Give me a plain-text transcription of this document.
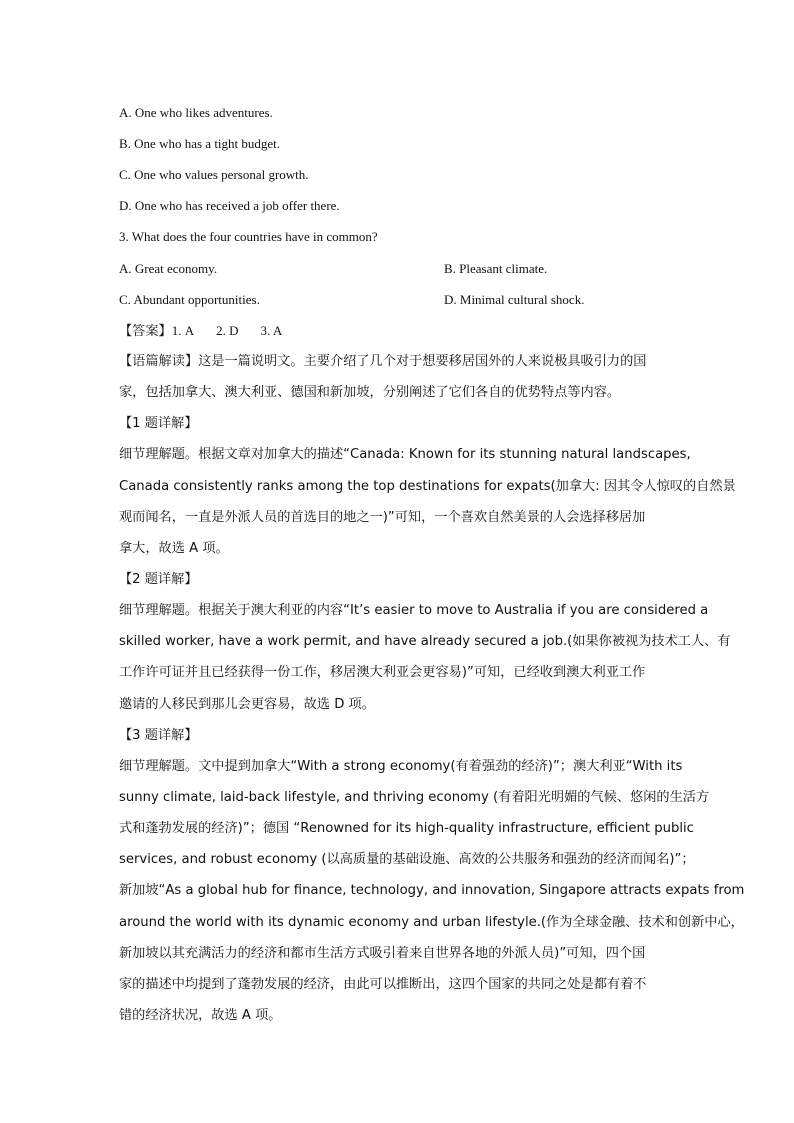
A. One who likes adventures.
B. One who has a tight budget.
C. One who values personal growth.
D. One who has received a job offer there.
3. What does the four countries have in common?
A. Great economy.	B. Pleasant climate.
C. Abundant opportunities.	D. Minimal cultural shock.
【答案】1. A 2. D 3. A
【语篇解读】这是一篇说明文。主要介绍了几个对于想要移居国外的人来说极具吸引力的国
家，包括加拿大、澳大利亚、德国和新加坡，分别阐述了它们各自的优势特点等内容。
【1 题详解】
细节理解题。根据文章对加拿大的描述“Canada: Known for its stunning natural landscapes,
Canada consistently ranks among the top destinations for expats(加拿大: 因其令人惊叹的自然景
观而闻名，一直是外派人员的首选目的地之一)”可知，一个喜欢自然美景的人会选择移居加
拿大，故选 A 项。
【2 题详解】
细节理解题。根据关于澳大利亚的内容“It’s easier to move to Australia if you are considered a
skilled worker, have a work permit, and have already secured a job.(如果你被视为技术工人、有
工作许可证并且已经获得一份工作，移居澳大利亚会更容易)”可知，已经收到澳大利亚工作
邀请的人移民到那儿会更容易，故选 D 项。
【3 题详解】
细节理解题。文中提到加拿大“With a strong economy(有着强劲的经济)”；澳大利亚“With its
sunny climate, laid-back lifestyle, and thriving economy (有着阳光明媚的气候、悠闲的生活方
式和蓬勃发展的经济)”；德国 “Renowned for its high-quality infrastructure, efficient public
services, and robust economy (以高质量的基础设施、高效的公共服务和强劲的经济而闻名)”；
新加坡“As a global hub for finance, technology, and innovation, Singapore attracts expats from
around the world with its dynamic economy and urban lifestyle.(作为全球金融、技术和创新中心，
新加坡以其充满活力的经济和都市生活方式吸引着来自世界各地的外派人员)”可知，四个国
家的描述中均提到了蓬勃发展的经济，由此可以推断出，这四个国家的共同之处是都有着不
错的经济状况，故选 A 项。
